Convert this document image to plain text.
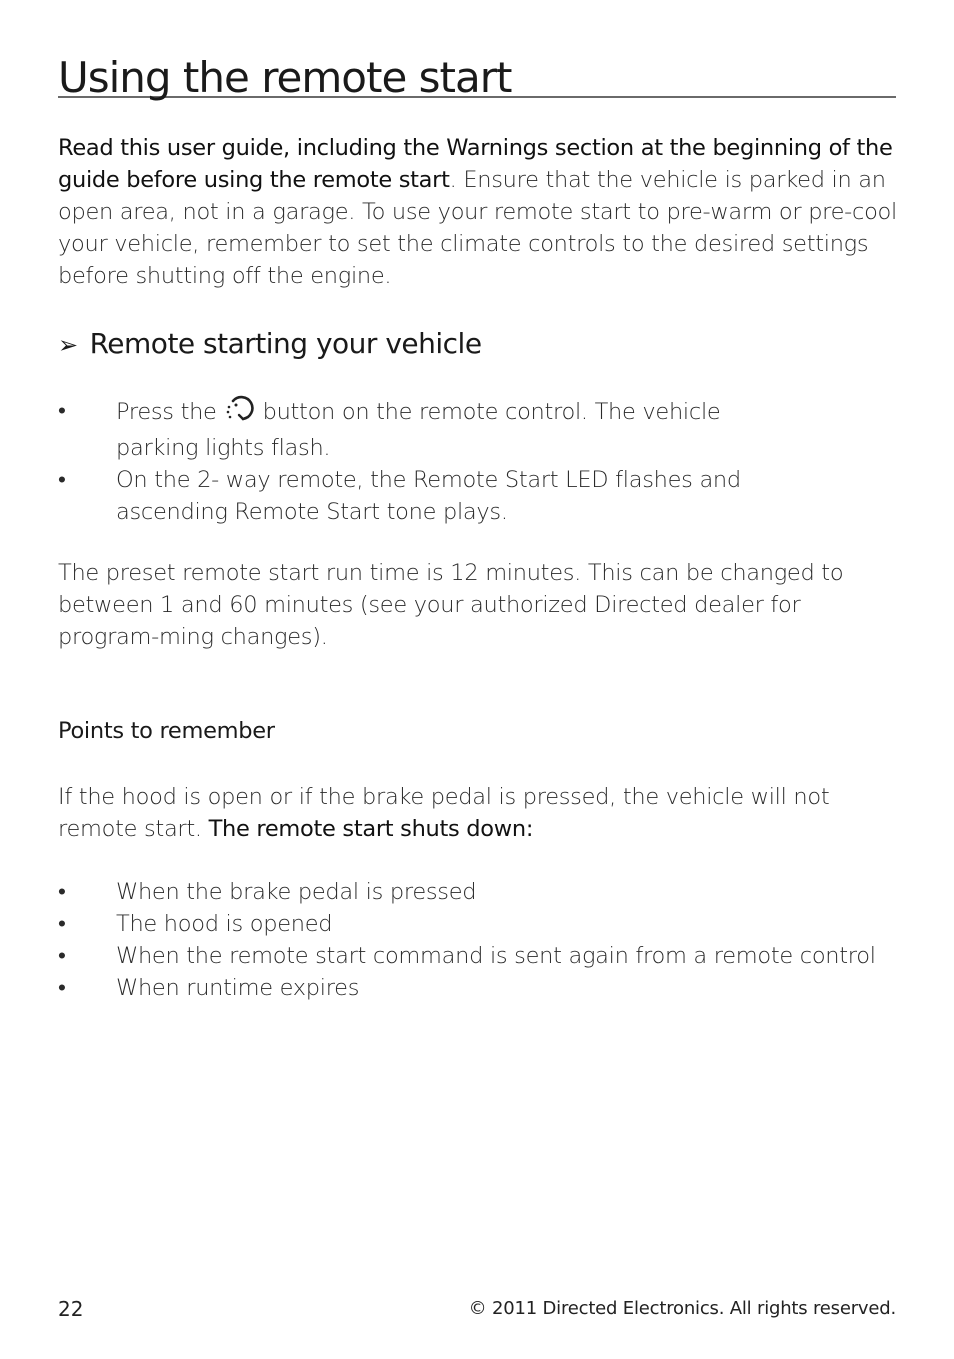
Using the remote start

Read this user guide, including the Warnings section at the beginning of the guide before using the remote start. Ensure that the vehicle is parked in an open area, not in a garage. To use your remote start to pre-warm or pre-cool your vehicle, remember to set the climate controls to the desired settings before shutting off the engine.

➢ Remote starting your vehicle
•	Press the button on the remote control. The vehicle parking lights flash.
•	On the 2- way remote, the Remote Start LED flashes and ascending Remote Start tone plays.

The preset remote start run time is 12 minutes. This can be changed to between 1 and 60 minutes (see your authorized Directed dealer for program-ming changes).

Points to remember

If the hood is open or if the brake pedal is pressed, the vehicle will not remote start. The remote start shuts down:

•	When the brake pedal is pressed
•	The hood is opened
•	When the remote start command is sent again from a remote control
•	When runtime expires
22	© 2011 Directed Electronics. All rights reserved.
